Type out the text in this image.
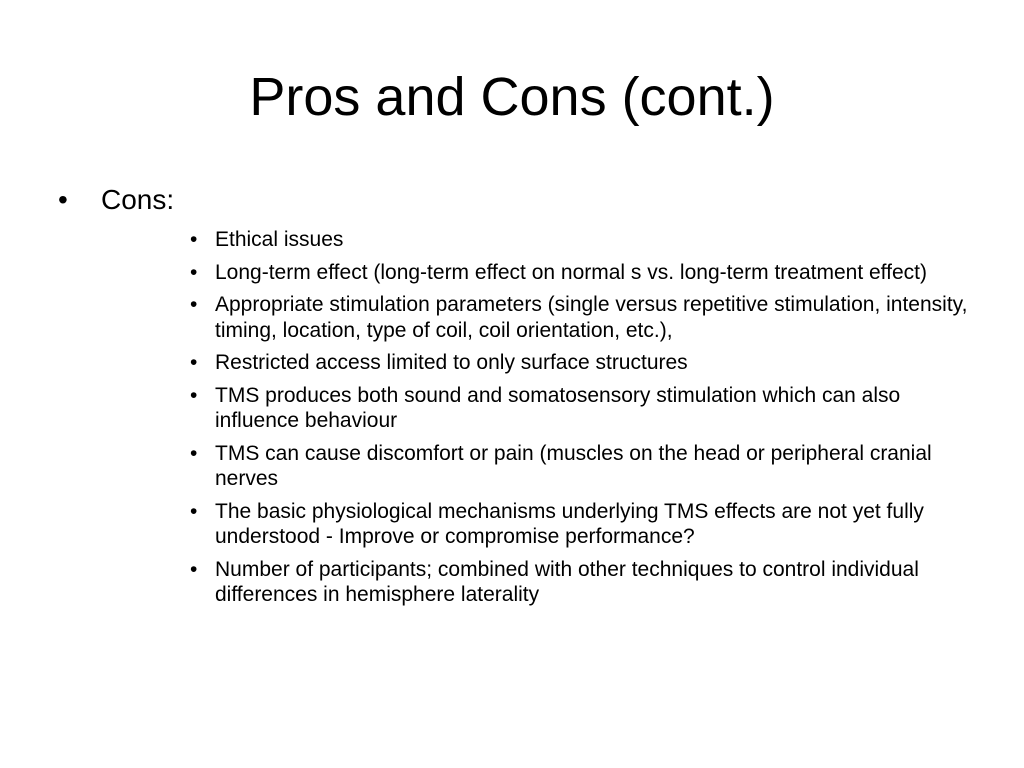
Pros and Cons (cont.)
• Cons:
• Ethical issues
• Long-term effect (long-term effect on normal s vs. long-term treatment effect)
• Appropriate stimulation parameters (single versus repetitive stimulation, intensity, timing, location, type of coil, coil orientation, etc.),
• Restricted access limited to only surface structures
• TMS produces both sound and somatosensory stimulation which can also influence behaviour
• TMS can cause discomfort or pain (muscles on the head or peripheral cranial nerves
• The basic physiological mechanisms underlying TMS effects are not yet fully understood - Improve or compromise performance?
• Number of participants; combined with other techniques to control individual differences in hemisphere laterality
